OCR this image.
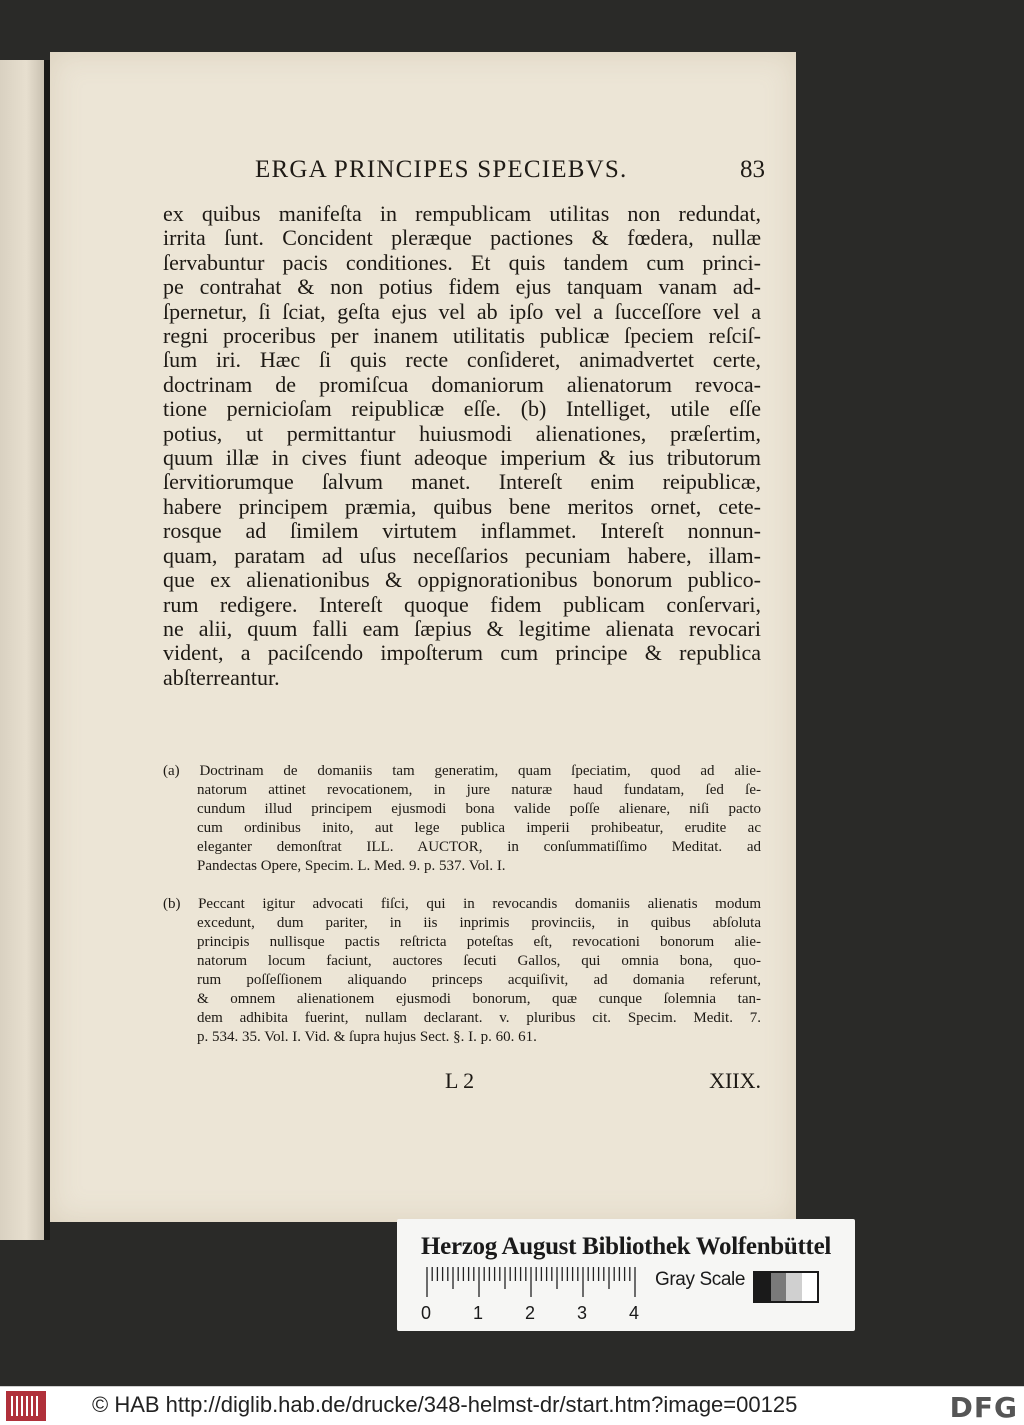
ERGA PRINCIPES SPECIEBVS.	83
ex quibus manifeſta in rempublicam utilitas non redundat,
irrita ſunt. Concident pleræque pactiones & fœdera, nullæ
ſervabuntur pacis conditiones. Et quis tandem cum princi-
pe contrahat & non potius fidem ejus tanquam vanam ad-
ſpernetur, ſi ſciat, geſta ejus vel ab ipſo vel a ſucceſſore vel a
regni proceribus per inanem utilitatis publicæ ſpeciem reſciſ-
ſum iri. Hæc ſi quis recte conſideret, animadvertet certe,
doctrinam de promiſcua domaniorum alienatorum revoca-
tione pernicioſam reipublicæ eſſe. (b) Intelliget, utile eſſe
potius, ut permittantur huiusmodi alienationes, præſertim,
quum illæ in cives fiunt adeoque imperium & ius tributorum
ſervitiorumque ſalvum manet. Intereſt enim reipublicæ,
habere principem præmia, quibus bene meritos ornet, cete-
rosque ad ſimilem virtutem inflammet. Intereſt nonnun-
quam, paratam ad uſus neceſſarios pecuniam habere, illam-
que ex alienationibus & oppignorationibus bonorum publico-
rum redigere. Intereſt quoque fidem publicam conſervari,
ne alii, quum falli eam ſæpius & legitime alienata revocari
vident, a paciſcendo impoſterum cum principe & republica
abſterreantur.
(a) Doctrinam de domaniis tam generatim, quam ſpeciatim, quod ad alie-
natorum attinet revocationem, in jure naturæ haud fundatam, ſed ſe-
cundum illud principem ejusmodi bona valide poſſe alienare, niſi pacto
cum ordinibus inito, aut lege publica imperii prohibeatur, erudite ac
eleganter demonſtrat ILL. AUCTOR, in conſummatiſſimo Meditat. ad
Pandectas Opere, Specim. L. Med. 9. p. 537. Vol. I.
(b) Peccant igitur advocati fiſci, qui in revocandis domaniis alienatis modum
excedunt, dum pariter, in iis inprimis provinciis, in quibus abſoluta
principis nullisque pactis reſtricta poteſtas eſt, revocationi bonorum alie-
natorum locum faciunt, auctores ſecuti Gallos, qui omnia bona, quo-
rum poſſeſſionem aliquando princeps acquiſivit, ad domania referunt,
& omnem alienationem ejusmodi bonorum, quæ cunque ſolemnia tan-
dem adhibita fuerint, nullam declarant. v. pluribus cit. Specim. Medit. 7.
p. 534. 35. Vol. I. Vid. & ſupra hujus Sect. §. I. p. 60. 61.
L 2	XIIX.
Herzog August Bibliothek Wolfenbüttel
0 1 2 3 4
Gray Scale
© HAB http://diglib.hab.de/drucke/348-helmst-dr/start.htm?image=00125	DFG
